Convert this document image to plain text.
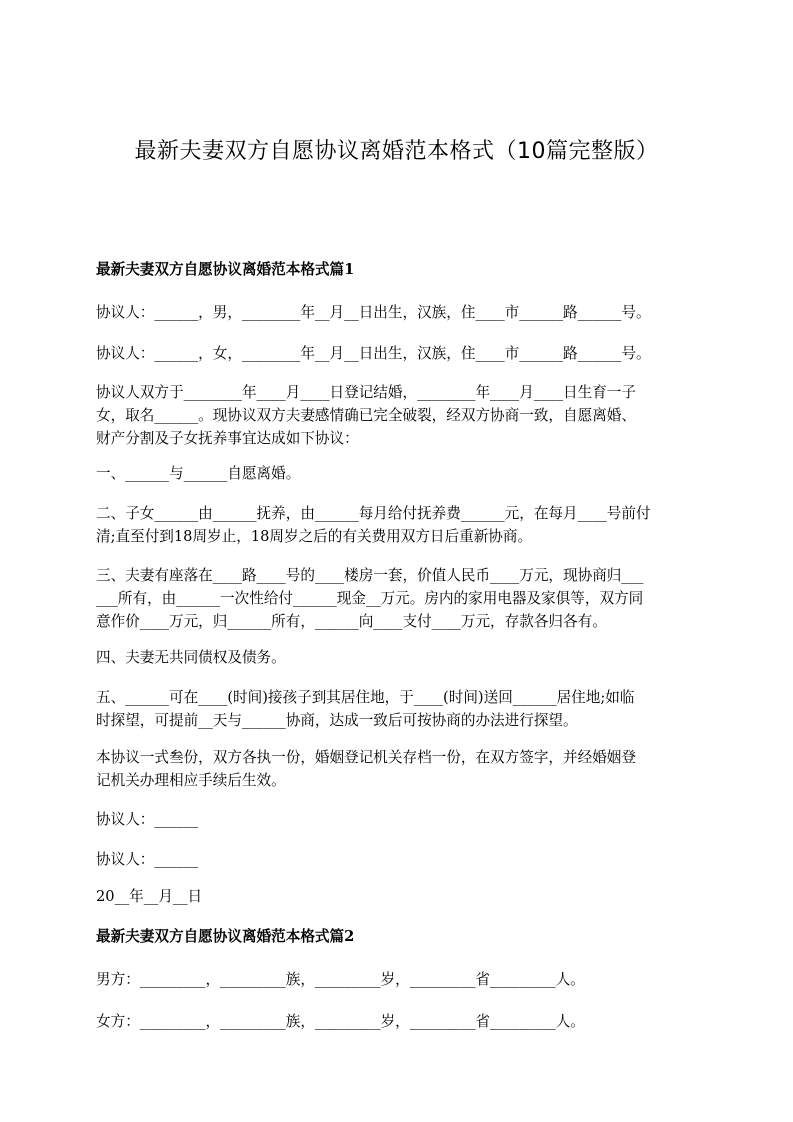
最新夫妻双方自愿协议离婚范本格式（10篇完整版）
最新夫妻双方自愿协议离婚范本格式篇1
协议人：______，男，________年__月__日出生，汉族，住____市______路______号。
协议人：______，女，________年__月__日出生，汉族，住____市______路______号。
协议人双方于________年____月____日登记结婚，________年____月____日生育一子
女，取名______。现协议双方夫妻感情确已完全破裂，经双方协商一致，自愿离婚、
财产分割及子女抚养事宜达成如下协议：
一、______与______自愿离婚。
二、子女______由______抚养，由______每月给付抚养费______元，在每月____号前付
清;直至付到18周岁止，18周岁之后的有关费用双方日后重新协商。
三、夫妻有座落在____路____号的____楼房一套，价值人民币____万元，现协商归___
___所有，由______一次性给付______现金__万元。房内的家用电器及家俱等，双方同
意作价____万元，归______所有，______向____支付____万元，存款各归各有。
四、夫妻无共同债权及债务。
五、______可在____(时间)接孩子到其居住地，于____(时间)送回______居住地;如临
时探望，可提前__天与______协商，达成一致后可按协商的办法进行探望。
本协议一式叁份，双方各执一份，婚姻登记机关存档一份，在双方签字，并经婚姻登
记机关办理相应手续后生效。
协议人：______
协议人：______
20__年__月__日
最新夫妻双方自愿协议离婚范本格式篇2
男方：_________，_________族，_________岁，_________省_________人。
女方：_________，_________族，_________岁，_________省_________人。
